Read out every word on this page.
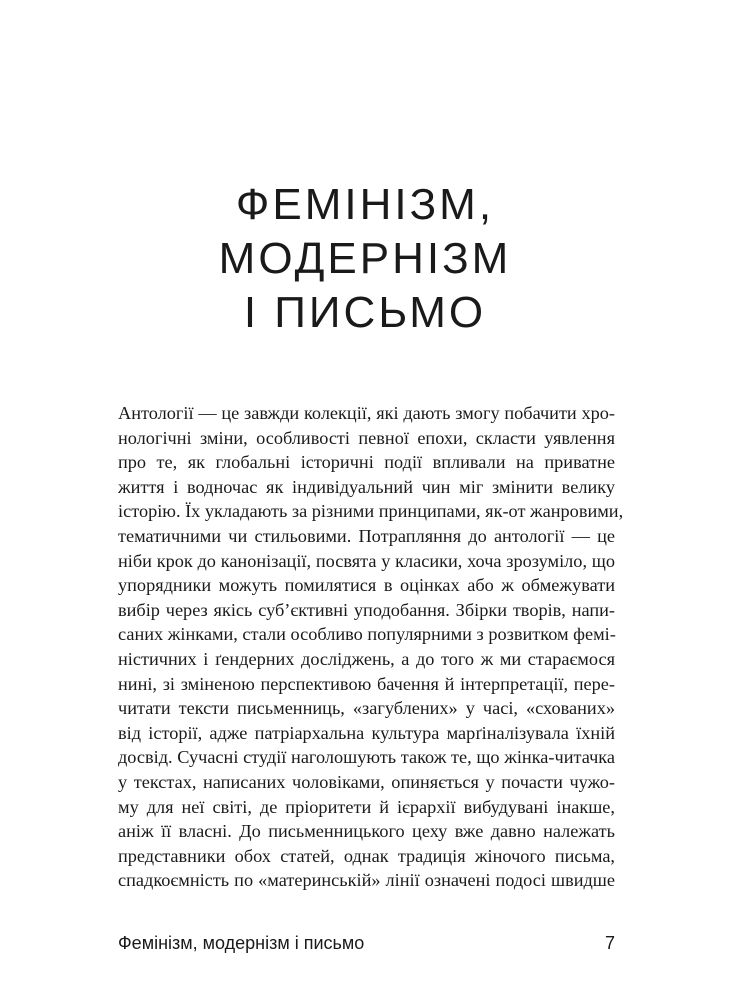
ФЕМІНІЗМ,
МОДЕРНІЗМ
І ПИСЬМО
Антології — це завжди колекції, які дають змогу побачити хро-
нологічні зміни, особливості певної епохи, скласти уявлення
про те, як глобальні історичні події впливали на приватне
життя і водночас як індивідуальний чин міг змінити велику
історію. Їх укладають за різними принципами, як-от жанровими,
тематичними чи стильовими. Потрапляння до антології — це
ніби крок до канонізації, посвята у класики, хоча зрозуміло, що
упорядники можуть помилятися в оцінках або ж обмежувати
вибір через якісь суб’єктивні уподобання. Збірки творів, напи-
саних жінками, стали особливо популярними з розвитком фемі-
ністичних і ґендерних досліджень, а до того ж ми стараємося
нині, зі зміненою перспективою бачення й інтерпретації, пере-
читати тексти письменниць, «загублених» у часі, «схованих»
від історії, адже патріархальна культура марґіналізувала їхній
досвід. Сучасні студії наголошують також те, що жінка-читачка
у текстах, написаних чоловіками, опиняється у почасти чужо-
му для неї світі, де пріоритети й ієрархії вибудувані інакше,
аніж її власні. До письменницького цеху вже давно належать
представники обох статей, однак традиція жіночого письма,
спадкоємність по «материнській» лінії означені подосі швидше
Фемінізм, модернізм і письмо	7
